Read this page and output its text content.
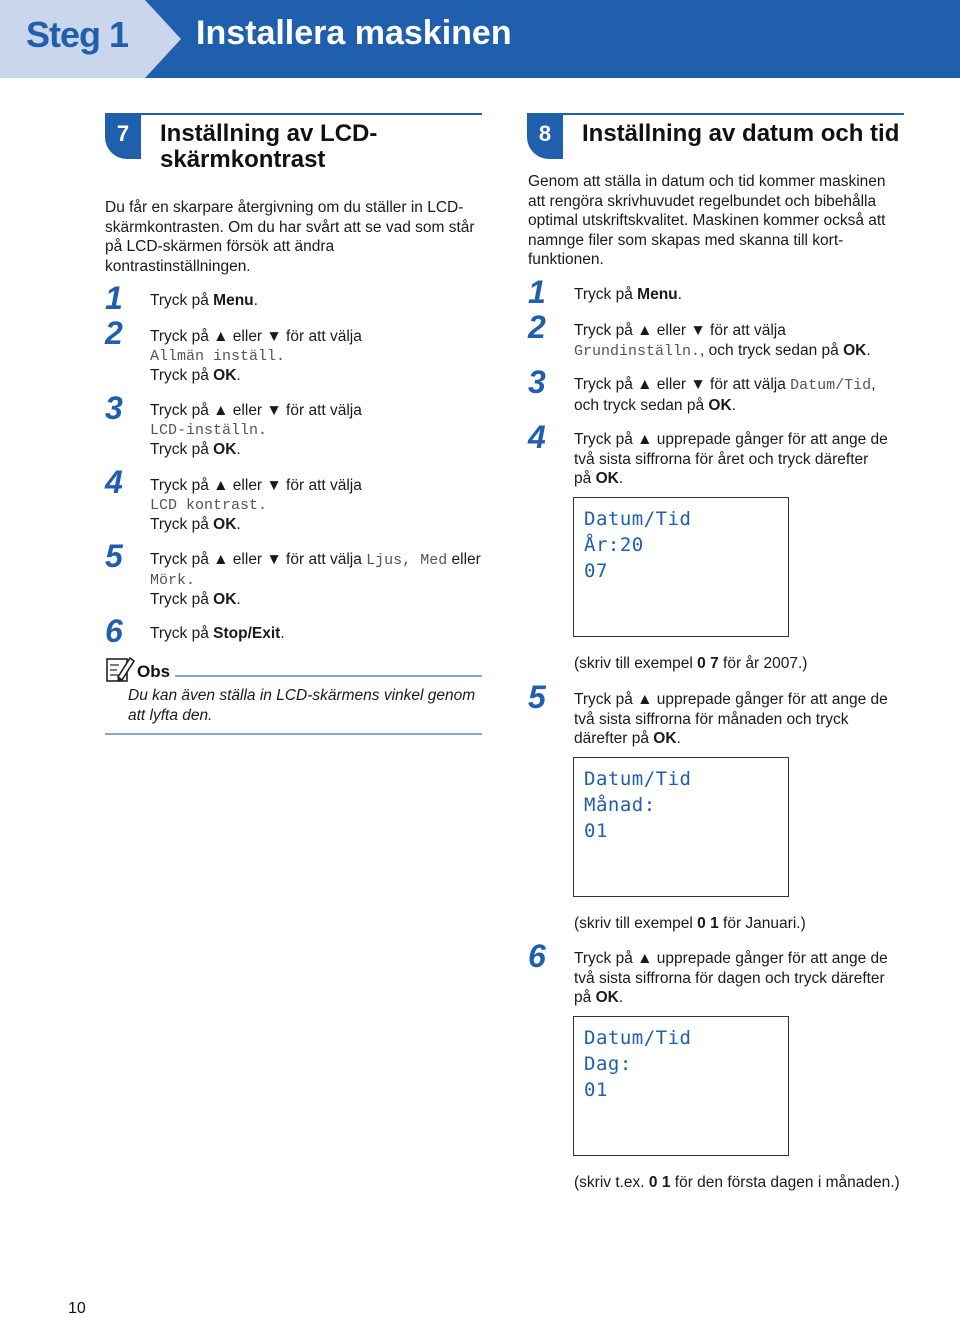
Steg 1 Installera maskinen
7	Inställning av LCD-
skärmkontrast
Du får en skarpare återgivning om du ställer in LCD-
skärmkontrasten. Om du har svårt att se vad som står
på LCD-skärmen försök att ändra
kontrastinställningen.
1 Tryck på Menu.
2 Tryck på ▲ eller ▼ för att välja
Allmän inställ.
Tryck på OK.
3 Tryck på ▲ eller ▼ för att välja
LCD-inställn.
Tryck på OK.
4 Tryck på ▲ eller ▼ för att välja
LCD kontrast.
Tryck på OK.
5 Tryck på ▲ eller ▼ för att välja Ljus, Med eller
Mörk.
Tryck på OK.
6 Tryck på Stop/Exit.
Obs
Du kan även ställa in LCD-skärmens vinkel genom
att lyfta den.
8	Inställning av datum och tid
Genom att ställa in datum och tid kommer maskinen
att rengöra skrivhuvudet regelbundet och bibehålla
optimal utskriftskvalitet. Maskinen kommer också att
namnge filer som skapas med skanna till kort-
funktionen.
1 Tryck på Menu.
2 Tryck på ▲ eller ▼ för att välja
Grundinställn., och tryck sedan på OK.
3 Tryck på ▲ eller ▼ för att välja Datum/Tid,
och tryck sedan på OK.
4 Tryck på ▲ upprepade gånger för att ange de
två sista siffrorna för året och tryck därefter
på OK.
Datum/Tid
År:20
07
(skriv till exempel 0 7 för år 2007.)
5 Tryck på ▲ upprepade gånger för att ange de
två sista siffrorna för månaden och tryck
därefter på OK.
Datum/Tid
Månad:
01
(skriv till exempel 0 1 för Januari.)
6 Tryck på ▲ upprepade gånger för att ange de
två sista siffrorna för dagen och tryck därefter
på OK.
Datum/Tid
Dag:
01
(skriv t.ex. 0 1 för den första dagen i månaden.)
10
